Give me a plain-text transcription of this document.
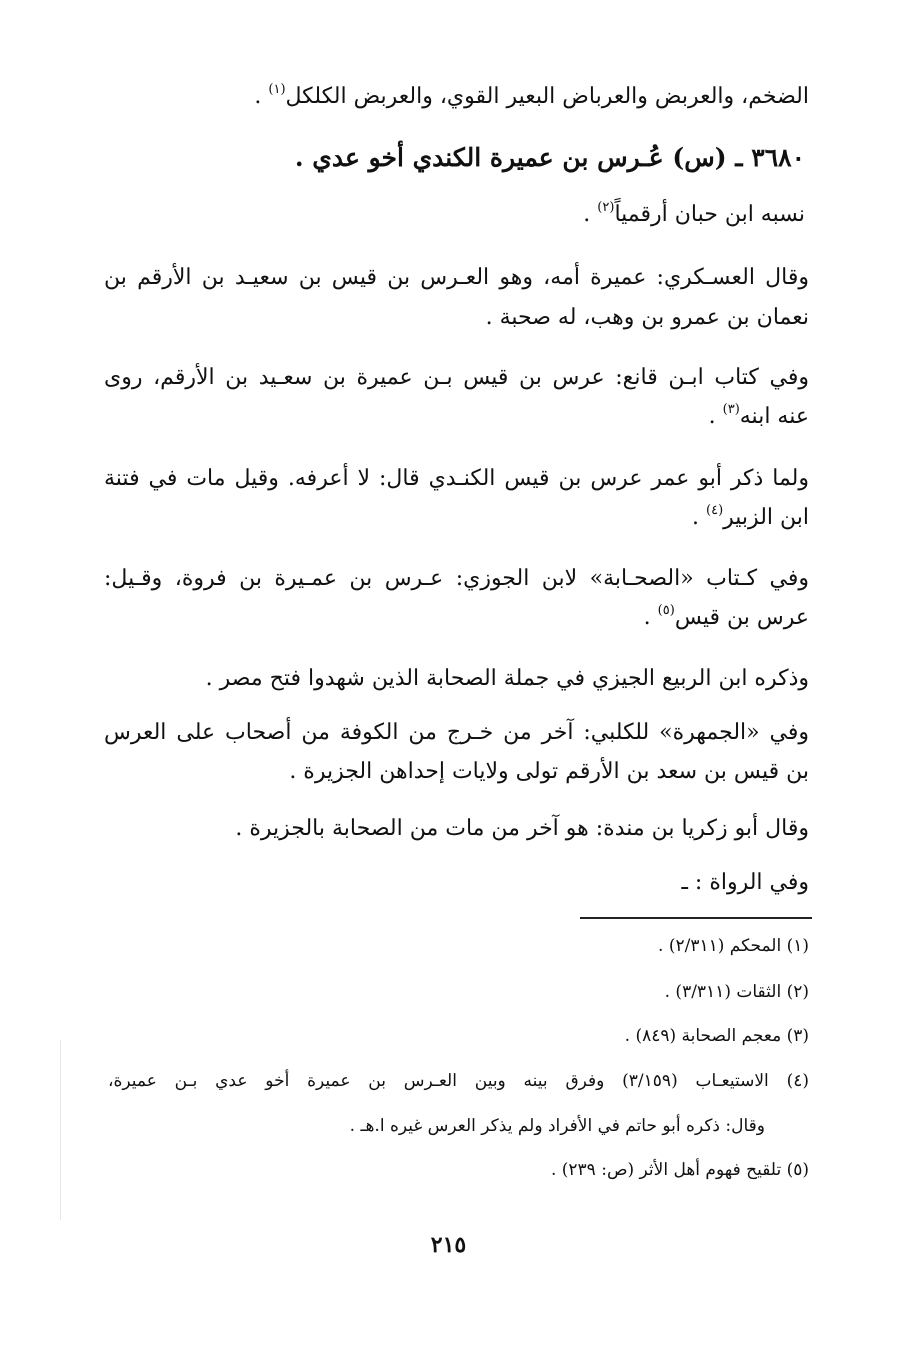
الضخم، والعربض والعرباض البعير القوي، والعربض الكلكل$^{(١)}$ .
٣٦٨٠ ـ (س) عُـرس بن عميرة الكندي أخو عدي .
نسبه ابن حبان أرقمياً$^{(٢)}$ .
وقال العسـكري: عميرة أمه، وهو العـرس بن قيس بن سعيـد بن الأرقم بن
نعمان بن عمرو بن وهب، له صحبة .
وفي كتاب ابـن قانع: عرس بن قيس بـن عميرة بن سعـيد بن الأرقم، روى
عنه ابنه$^{(٣)}$ .
ولما ذكر أبو عمر عرس بن قيس الكنـدي قال: لا أعرفه. وقيل مات في فتنة
ابن الزبير$^{(٤)}$ .
وفي كـتاب «الصحـابة» لابن الجوزي: عـرس بن عمـيرة بن فروة، وقـيل:
عرس بن قيس$^{(٥)}$ .
وذكره ابن الربيع الجيزي في جملة الصحابة الذين شهدوا فتح مصر .
وفي «الجمهرة» للكلبي: آخر من خـرج من الكوفة من أصحاب على العرس
بن قيس بن سعد بن الأرقم تولى ولايات إحداهن الجزيرة .
وقال أبو زكريا بن مندة: هو آخر من مات من الصحابة بالجزيرة .
وفي الرواة : ـ
(١) المحكم (٢/٣١١) .
(٢) الثقات (٣/٣١١) .
(٣) معجم الصحابة (٨٤٩) .
(٤) الاستيعـاب (٣/١٥٩) وفرق بينه وبين العـرس بن عميرة أخو عدي بـن عميرة،
وقال: ذكره أبو حاتم في الأفراد ولم يذكر العرس غيره ا.هـ .
(٥) تلقيح فهوم أهل الأثر (ص: ٢٣٩) .
٢١٥
